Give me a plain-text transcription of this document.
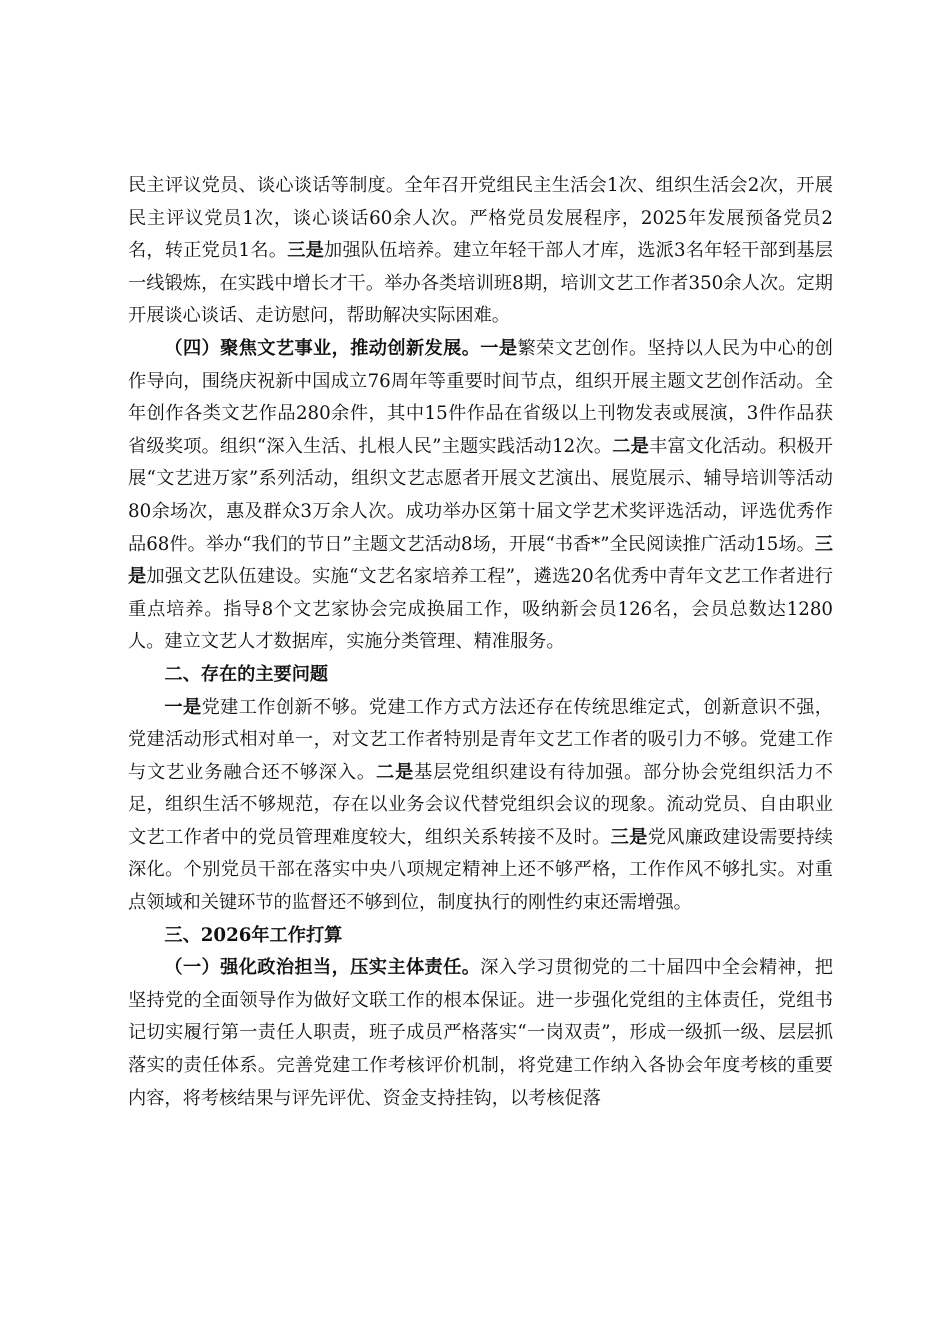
民主评议党员、谈心谈话等制度。全年召开党组民主生活会1次、组织生活会2次，开展民主评议党员1次，谈心谈话60余人次。严格党员发展程序，2025年发展预备党员2名，转正党员1名。三是加强队伍培养。建立年轻干部人才库，选派3名年轻干部到基层一线锻炼，在实践中增长才干。举办各类培训班8期，培训文艺工作者350余人次。定期开展谈心谈话、走访慰问，帮助解决实际困难。

（四）聚焦文艺事业，推动创新发展。一是繁荣文艺创作。坚持以人民为中心的创作导向，围绕庆祝新中国成立76周年等重要时间节点，组织开展主题文艺创作活动。全年创作各类文艺作品280余件，其中15件作品在省级以上刊物发表或展演，3件作品获省级奖项。组织“深入生活、扎根人民”主题实践活动12次。二是丰富文化活动。积极开展“文艺进万家”系列活动，组织文艺志愿者开展文艺演出、展览展示、辅导培训等活动80余场次，惠及群众3万余人次。成功举办区第十届文学艺术奖评选活动，评选优秀作品68件。举办“我们的节日”主题文艺活动8场，开展“书香*”全民阅读推广活动15场。三是加强文艺队伍建设。实施“文艺名家培养工程”，遴选20名优秀中青年文艺工作者进行重点培养。指导8个文艺家协会完成换届工作，吸纳新会员126名，会员总数达1280人。建立文艺人才数据库，实施分类管理、精准服务。

二、存在的主要问题

一是党建工作创新不够。党建工作方式方法还存在传统思维定式，创新意识不强，党建活动形式相对单一，对文艺工作者特别是青年文艺工作者的吸引力不够。党建工作与文艺业务融合还不够深入。二是基层党组织建设有待加强。部分协会党组织活力不足，组织生活不够规范，存在以业务会议代替党组织会议的现象。流动党员、自由职业文艺工作者中的党员管理难度较大，组织关系转接不及时。三是党风廉政建设需要持续深化。个别党员干部在落实中央八项规定精神上还不够严格，工作作风不够扎实。对重点领域和关键环节的监督还不够到位，制度执行的刚性约束还需增强。

三、2026年工作打算

（一）强化政治担当，压实主体责任。深入学习贯彻党的二十届四中全会精神，把坚持党的全面领导作为做好文联工作的根本保证。进一步强化党组的主体责任，党组书记切实履行第一责任人职责，班子成员严格落实“一岗双责”，形成一级抓一级、层层抓落实的责任体系。完善党建工作考核评价机制，将党建工作纳入各协会年度考核的重要内容，将考核结果与评先评优、资金支持挂钩，以考核促落
